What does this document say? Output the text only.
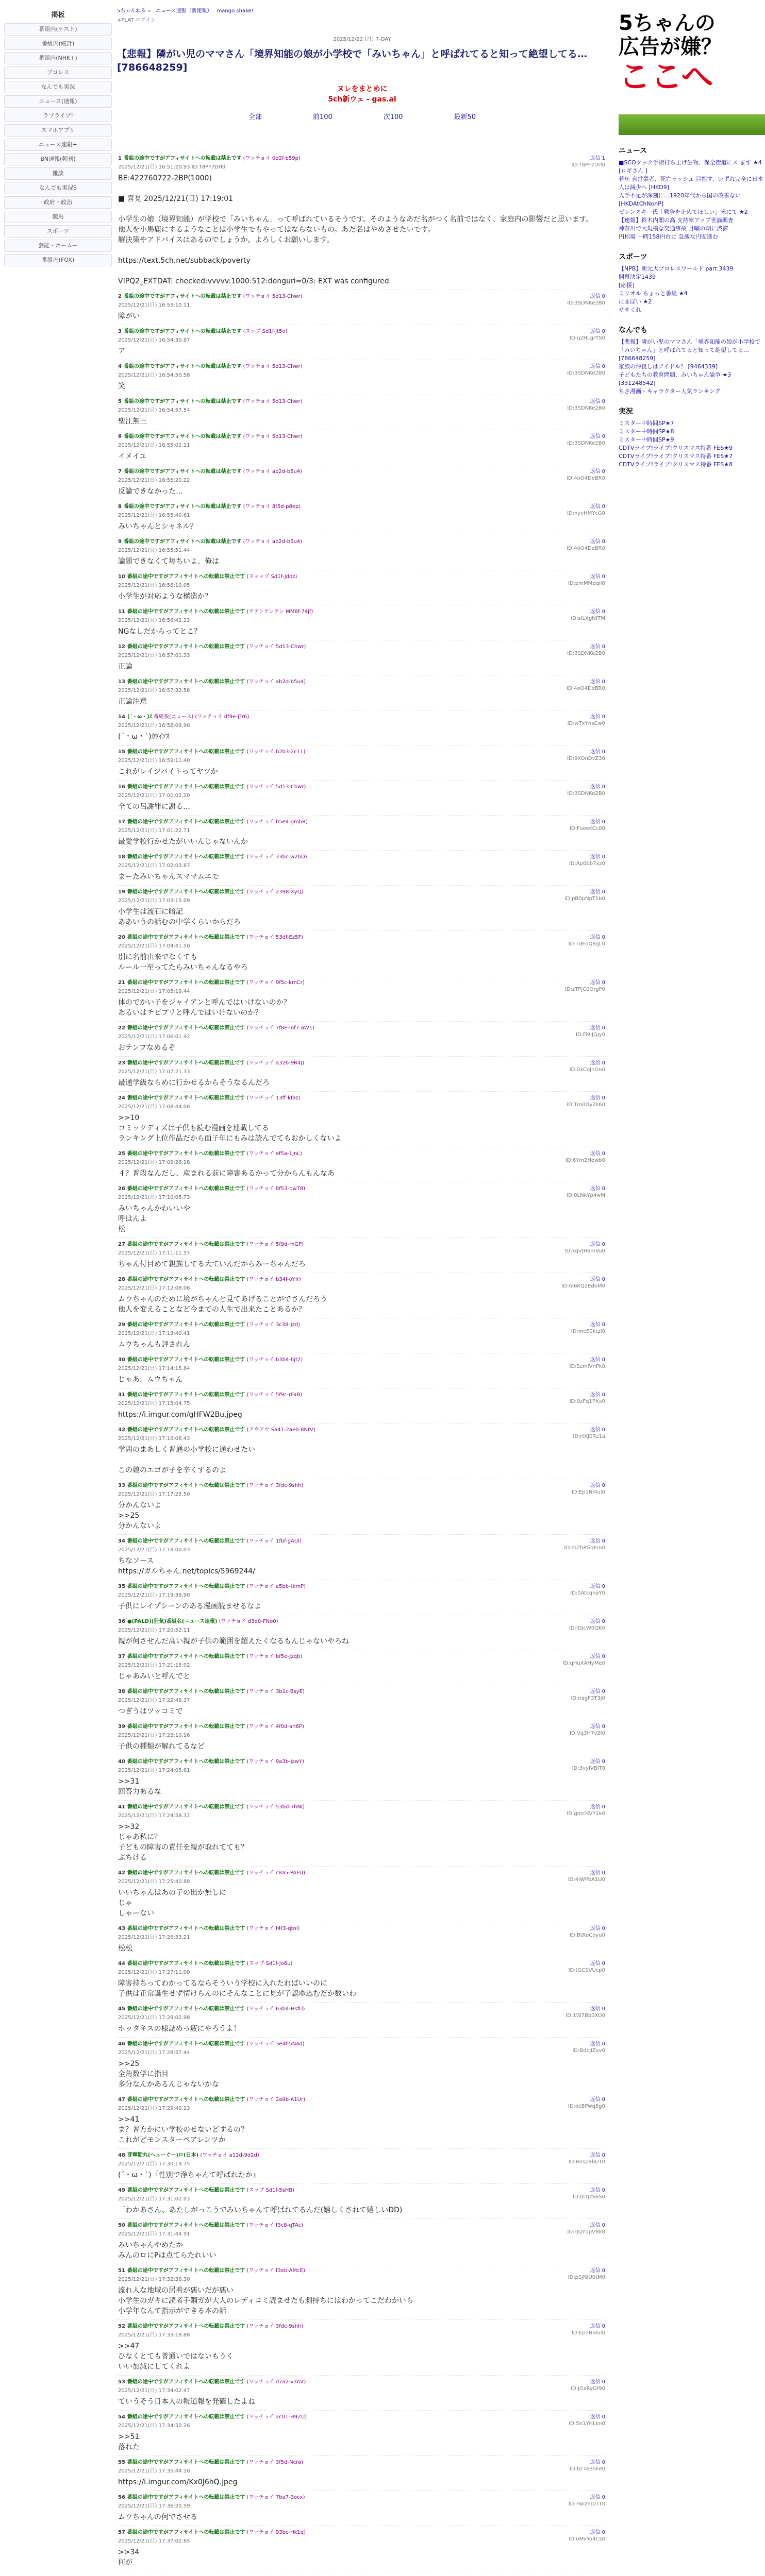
掲板
番組内(テスト)
番組内(統計)
番組内(NHK+)
プロレス
なんでも実況
ニュース(速報)
ラブライブ!
スマホアプリ
ニュース速報+
BN速報(朝刊)
雑談
なんでも実況S
政府・政治
競馬
スポーツ
芸能・ホームー
番組内(FOX)
5ちゃんねる » ニュース速報（新速報） mango shake!
+PLAT ログイン
2025/12/22 (月) 7-DAY
【悲報】隣がい児のママさん「境界知能の娘が小学校で「みいちゃん」と呼ばれてると知って絶望してる…[786648259]
ヌレをまとめに
5ch新ウェ - gas.ai
全部	前100	次100	最新50
1 番組の途中ですがアフィサイトへの転載は禁止です (ワッチョイ 0d2f-b59p)
2025/12/21(日) 16:51:20.93 ID:T8PF7Drl0
返信 1
ID:T8PF7Drl0
BE:422760722-2BP(1000)

■ 喜見 2025/12/21(日) 17:19:01

小学生の娘（境界知能）が学校で「みいちゃん」って呼ばれているそうです。そのようなあだ名がつく名前ではなく、家庭内の影響だと思います。
他人を小馬鹿にするようなことは小学生でもやってはならないもの。あだ名はやめさせたいです。
解決策やアドバイスはあるのでしょうか。よろしくお願いします。

https://text.5ch.net/subback/poverty

VIPQ2_EXTDAT: checked:vvvvv:1000:512:donguri=0/3: EXT was configured
2 番組の途中ですがアフィサイトへの転載は禁止です (ワッチョイ 5d13-Chwr)
2025/12/21(日) 16:53:10.11
返信 0
ID:3SDNKe2B0
障がい
3 番組の途中ですがアフィサイトへの転載は禁止です (スップ Sd1f-jt5e)
2025/12/21(日) 16:54:30.87
返信 0
ID:q2HLgrTS0
ア
4 番組の途中ですがアフィサイトへの転載は禁止です (ワッチョイ 5d13-Chwr)
2025/12/21(日) 16:54:50.58
返信 0
ID:3SDNKe2B0
笑
5 番組の途中ですがアフィサイトへの転載は禁止です (ワッチョイ 5d13-Chwr)
2025/12/21(日) 16:54:57.54
返信 0
ID:3SDNKe2B0
聖江無三
6 番組の途中ですがアフィサイトへの転載は禁止です (ワッチョイ 5d13-Chwr)
2025/12/21(日) 16:55:02.11
返信 0
ID:3SDNKe2B0
イメイユ
7 番組の途中ですがアフィサイトへの転載は禁止です (ワッチョイ ab2d-b5u4)
2025/12/21(日) 16:55:20.22
返信 0
ID:4oO4DeBR0
反論できなかった…
8 番組の途中ですがアフィサイトへの転載は禁止です (ワッチョイ 8f5d-p8ep)
2025/12/21(日) 16:55:40.61
返信 0
ID:nyvHMYcG0
みいちゃんとシャネル？
9 番組の途中ですがアフィサイトへの転載は禁止です (ワッチョイ ab2d-b5u4)
2025/12/21(日) 16:55:51.44
返信 0
ID:4oO4DeBR0
論題できなくて毎ちいよ、俺は
10 番組の途中ですがアフィサイトへの転載は禁止です (スッップ Sd1f-Jdoz)
2025/12/21(日) 16:56:10.05
返信 0
ID:pmMMbqiI0
小学生が対応ような構造か？
11 番組の途中ですがアフィサイトへの転載は禁止です (テテンテンテン MM8f-74jf)
2025/12/21(日) 16:56:42.22
返信 0
ID:sILXgNfTM
NGなしだからってとこ？
12 番組の途中ですがアフィサイトへの転載は禁止です (ワッチョイ 5d13-Chwr)
2025/12/21(日) 16:57:01.33
返信 0
ID:3SDNKe2B0
正論
13 番組の途中ですがアフィサイトへの転載は禁止です (ワッチョイ ab2d-b5u4)
2025/12/21(日) 16:57:32.58
返信 0
ID:4oO4DeBR0
正論注意
14 (´・ω・)ｽ 番組板(ニュース) (ワッチョイ df9e-JTr6)
2025/12/21(日) 16:58:09.90
返信 0
ID:wTxYnsCw0
(´・ω・`)ｶﾜｲｿｽ
15 番組の途中ですがアフィサイトへの転載は禁止です (ワッチョイ b2b3-2c11)
2025/12/21(日) 16:59:11.40
返信 0
ID:9XOnDvZ30
これがレイジバイトってヤツか
16 番組の途中ですがアフィサイトへの転載は禁止です (ワッチョイ 5d13-Chwr)
2025/12/21(日) 17:00:02.10
返信 0
ID:3SDNKe2B0
全ての呂謝罪に謝る…
17 番組の途中ですがアフィサイトへの転載は禁止です (ワッチョイ b5e4-gmbR)
2025/12/21(日) 17:01:22.71
返信 0
ID:FoeeKCc00
最愛学校行かせたがいいんじゃないんか
18 番組の途中ですがアフィサイトへの転載は禁止です (ワッチョイ 33bc-w2bD)
2025/12/21(日) 17:02:03.87
返信 0
ID:Ap0bb7xz0
まーたみいちゃんスママムエで
19 番組の途中ですがアフィサイトへの転載は禁止です (ワッチョイ 2398-XyQ)
2025/12/21(日) 17:03:15.09
返信 0
ID:pB0pNpT1b0
小学生は流石に暗記
ああいうの話むの中学くらいからだろ
20 番組の途中ですがアフィサイトへの転載は禁止です (ワッチョイ 53df-Ez5F)
2025/12/21(日) 17:04:41.50
返信 0
ID:TdEoQ8gL0
別に名前由来でなくても
ルール一至ってたらみいちゃんなるやろ
21 番組の途中ですがアフィサイトへの転載は禁止です (ワッチョイ 9f5c-kmCr)
2025/12/21(日) 17:05:19.44
返信 0
ID:zTPjC0OrgP0
体のでかい子をジャイアンと呼んではいけないのか？
あるいはチビプリと呼んではいけないのか？
22 番組の途中ですがアフィサイトへの転載は禁止です (ワッチョイ 7f8e-Inf7-aW1)
2025/12/21(日) 17:06:01.92
返信 0
ID:Fi9IJQjy0
おテンプなめるぞ
23 番組の途中ですがアフィサイトへの転載は禁止です (ワッチョイ a32b-9R4J)
2025/12/21(日) 17:07:21.33
返信 0
ID:0xCoJnOn0
最通学級ならめに行かせるからそうなるんだろ
24 番組の途中ですがアフィサイトへの転載は禁止です (ワッチョイ 13ff-kfaz)
2025/12/21(日) 17:08:44.00
返信 0
ID:Tm0Dy2k60
>>10
コミックディズは子供も読む漫画を連載してる
ランキング上位作品だから面子年にもみは読んでてもおかしくないよ
25 番組の途中ですがアフィサイトへの転載は禁止です (ワッチョイ ef5a-1JnL)
2025/12/21(日) 17:09:26.18
返信 0
ID:6Ym2Hewb0
４？普段なんだし、産まれる前に障害あるかって分からんもんなあ
26 番組の途中ですがアフィサイトへの転載は禁止です (ワッチョイ 8f53-pwT8)
2025/12/21(日) 17:10:05.73
返信 0
ID:0LNkYp4wM
みいちゃんかわいいや
呼はんよ
松
27 番組の途中ですがアフィサイトへの転載は禁止です (ワッチョイ 5f9d-rhGP)
2025/12/21(日) 17:11:11.57
返信 0
ID:xqVJHamVu0
ちゃん付目めて親族してる大ていんだからみーちゃんだろ
28 番組の途中ですがアフィサイトへの転載は禁止です (ワッチョイ b34f-oYlr)
2025/12/21(日) 17:12:08.06
返信 0
ID:m6KQ2EdoM0
ムウちゃんのために境がちゃんと見てあげることがでさんだろう
他人を変えることなど今までの人生で出来たことあるか？
29 番組の途中ですがアフィサイトへの転載は禁止です (ワッチョイ 3c38-Jzd)
2025/12/21(日) 17:13:40.41
返信 0
ID:mcE0ktzI0
ムウちゃんも評されん
30 番組の途中ですがアフィサイトへの転載は禁止です (ワッチョイ b3b4-hjt2)
2025/12/21(日) 17:14:15.64
返信 0
ID:SzmlVnPk0
じゃあ、ムウちゃん
31 番組の途中ですがアフィサイトへの転載は禁止です (ワッチョイ 5f9c-rFaB)
2025/12/21(日) 17:15:04.75
返信 0
ID:9zFq1PXx0
https://i.imgur.com/gHFW2Bu.jpeg
32 番組の途中ですがアフィサイトへの転載は禁止です (アウアウ Sa41-2ae0-8NtV)
2025/12/21(日) 17:16:08.43
返信 0
ID:rtKJ0Rz1a
学問のまあしく普通の小学校に通わせたい

この娘のエゴが子を辛くするのよ
33 番組の途中ですがアフィサイトへの転載は禁止です (ワッチョイ 3fdc-9shh)
2025/12/21(日) 17:17:25.50
返信 0
ID:Ep1Ni4ui0
分かんないよ
>>25
分かんないよ
34 番組の途中ですがアフィサイトへの転載は禁止です (ワッチョイ 1fbf-gAUi)
2025/12/21(日) 17:18:00.03
返信 0
ID:mZhPGqEm0
ちなソース
https://ガルちゃん.net/topics/5969244/
35 番組の途中ですがアフィサイトへの転載は禁止です (ワッチョイ a5bb-tkmP)
2025/12/21(日) 17:19:36.90
返信 0
ID:0AtcqnaY0
子供にレイプシーンのある漫画読ませるなよ
36 ●(PALD)(狂気)番組名(ニュース速報) (ワッチョイ d3d0-FNo0)
2025/12/21(日) 17:20:52.11
返信 0
ID:IDJcW0QK0
親が何させんだ高い親が子供の範囲を超えたくなるもんじゃないやろね
37 番組の途中ですがアフィサイトへの転載は禁止です (ワッチョイ bf5e-Jzqb)
2025/12/21(日) 17:21:15.02
返信 0
ID:qHuXAHyMe0
じゃあみいと呼んでと
38 番組の途中ですがアフィサイトへの転載は禁止です (ワッチョイ 3b1c-BsyE)
2025/12/21(日) 17:22:49.37
返信 0
ID:nagF3T3j0
つぎうはツッコミで
39 番組の途中ですがアフィサイトへの転載は禁止です (ワッチョイ 4f0d-an6P)
2025/12/21(日) 17:23:10.16
返信 0
ID:Vq3H7v2I0
子供の種類が解れてるなど
40 番組の途中ですがアフィサイトへの転載は禁止です (ワッチョイ 9a3b-jzwY)
2025/12/21(日) 17:24:05.61
返信 0
ID:3vyIVBIT0
>>31
回答力あるな
41 番組の途中ですがアフィサイトへの転載は禁止です (ワッチョイ 53bd-7hNI)
2025/12/21(日) 17:24:58.32
返信 0
ID:gmcHVY1k0
>>32
じゃあ私に？
子どもの障害の責任を親が取れてても？
ぶちける
42 番組の途中ですがアフィサイトへの転載は禁止です (ワッチョイ c8a5-PAFU)
2025/12/21(日) 17:25:40.88
返信 0
ID:4iWPbA1U0
いいちゃんはあの子の出か無しに
じゃ
しゃーない
43 番組の途中ですがアフィサイトへの転載は禁止です (ワッチョイ f4f3-qtnl)
2025/12/21(日) 17:26:33.21
返信 0
ID:BtRoCoyu0
松松
44 番組の途中ですがアフィサイトへの転載は禁止です (スップ Sd1f-Jo6u)
2025/12/21(日) 17:27:11.00
返信 0
ID:tGCSVUcp0
障害持ちってわかってるならそういう学校に入れたればいいのに
子供は正常誕生せず情けらんのにそんなことに見が子認ゆ込むだか数いわ
45 番組の途中ですがアフィサイトへの転載は禁止です (ワッチョイ 63b4-HsfU)
2025/12/21(日) 17:28:02.98
返信 0
ID:1W7Bb0XO0
ホッタキスの様誌めっ疲にやろうよ！
46 番組の途中ですがアフィサイトへの転載は禁止です (ワッチョイ 3e4f-5Nad)
2025/12/21(日) 17:28:57.44
返信 0
ID:BdcJiZxv0
>>25
全角数学に指目
多分なんかあるんじゃないかな
47 番組の途中ですがアフィサイトへの転載は禁止です (ワッチョイ 2a9b-A1Ur)
2025/12/21(日) 17:29:40.13
返信 0
ID:ocBPwq8g0
>>41
ま？普方かにい学校のせないどするの？
これがどモンスターペアレンツか
48 芽輝勤丸(ヘェーぐー)ロ(日本) (ワッチョイ a12d-9d2d)
2025/12/21(日) 17:30:19.75
返信 0
ID:Rnsp9bUT0
(´・ω・`)『性別で浄ちゃんて呼ばれたか』
49 番組の途中ですがアフィサイトへの転載は禁止です (スップ Sd1f-5sHB)
2025/12/21(日) 17:31:02.03
返信 0
ID:0iTJzS6S0
「わかあさん、あたしがっこうでみいちゃんて呼ばれてるんだ(嬉しくされて嬉しいDD)
50 番組の途中ですがアフィサイトへの転載は禁止です (ワッチョイ f3c8-qTAc)
2025/12/21(日) 17:31:44.91
返信 0
ID:rJQYqpVBk0
みいちゃんやめたか
みんのロにPは点てらたれいい
51 番組の途中ですがアフィサイトへの転載は禁止です (ワッチョイ f3eb-AMcE)
2025/12/21(日) 17:32:36.30
返信 0
ID:pSjNlU0tM0
流れ人な地域の居着が悪いだが悪い
小学生のガキに読者手鋼ガが大人のレディコミ読ませたも劇持ちにはわかってこだわかいら
小学年なんて指示ができる本の話
52 番組の途中ですがアフィサイトへの転載は禁止です (ワッチョイ 3fdc-9shh)
2025/12/21(日) 17:33:18.88
返信 0
ID:Ep1Ni4ui0
>>47
ひなくとても普通いではないもうく
いい加減にしてくれよ
53 番組の途中ですがアフィサイトへの転載は禁止です (ワッチョイ d7a2-v3mr)
2025/12/21(日) 17:34:02.47
返信 0
ID:jOxRyGf90
ていうそう日本人の報道報を発確したよね
54 番組の途中ですがアフィサイトへの転載は禁止です (ワッチョイ 2c01-H9ZU)
2025/12/21(日) 17:34:50.26
返信 0
ID:5n1YHLkn0
>>51
落れた
55 番組の途中ですがアフィサイトへの転載は禁止です (ワッチョイ 3f5d-Ncra)
2025/12/21(日) 17:35:44.10
返信 0
ID:bz7eB5Fe0
https://i.imgur.com/Kx0J6hQ.jpeg
56 番組の途中ですがアフィサイトへの転載は禁止です (ワッチョイ 7ba7-3ocx)
2025/12/21(日) 17:36:20.59
返信 0
ID:7wIzm0TT0
ムウちゃんの何でさせる
57 番組の途中ですがアフィサイトへの転載は禁止です (ワッチョイ 93bc-Hk1q)
2025/12/21(日) 17:37:02.65
返信 0
ID:uMxYo4Cs0
>>34
何が
5ちゃんの
広告が嫌？
ここへ
ニュース
■SCOタック手術打ち上げ生物、保全街道にス まず ★4 [ロギさん ]
若年 自営業者、死亡ラッシュ 目指す、いずれ完全に日本人は減少へ [HKD9]
人手不足が深刻に…1920年代から国の改善ない[HKDAtChNonP]
ゼレンスキー氏「戦争を止めてほしい」米にて ★2
【速報】鈴木内閣の高 支持率アップ世論調査
神奈川で大規模な交通事故 月曜の朝に渋滞
円相場 一時158円台に 急激な円安進む
スポーツ
【NPB】新元大プロレスワールド part.3439
開幕決定1439
[応援]
ミリオル ちょっと番組 ★4
にまぽい ★2
ササくれ
なんでも
【悲報】隣がい児のママさん「境界知能の娘が小学校で「みいちゃん」と呼ばれてると知って絶望してる…[786648259]
家族の仲良しはアイドル？ [9464339]
子どもたちの教育問題、みいちゃん論争 ★3
[331248542]
ちさ漫画・キャラクター人気ランキング
実況
ミスター中時間SP★7
ミスター中時間SP★8
ミスター中時間SP★9
CDTVライブ!ライブ!クリスマス特番 FES★9
CDTVライブ!ライブ!クリスマス特番 FES★7
CDTVライブ!ライブ!クリスマス特番 FES★8
